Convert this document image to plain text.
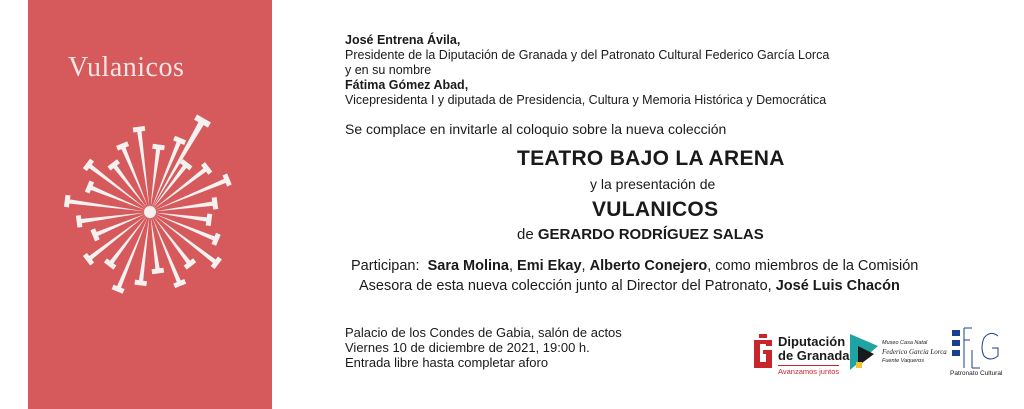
Vulanicos
José Entrena Ávila,
Presidente de la Diputación de Granada y del Patronato Cultural Federico García Lorca
y en su nombre
Fátima Gómez Abad,
Vicepresidenta I y diputada de Presidencia, Cultura y Memoria Histórica y Democrática
Se complace en invitarle al coloquio sobre la nueva colección
TEATRO BAJO LA ARENA
y la presentación de
VULANICOS
de GERARDO RODRÍGUEZ SALAS
Participan: Sara Molina, Emi Ekay, Alberto Conejero, como miembros de la Comisión
Asesora de esta nueva colección junto al Director del Patronato, José Luis Chacón
Palacio de los Condes de Gabia, salón de actos
Viernes 10 de diciembre de 2021, 19:00 h.
Entrada libre hasta completar aforo
Diputación
de Granada
Avanzamos juntos
Museo Casa Natal
Federico García Lorca
Fuente Vaqueros
Patronato Cultural
